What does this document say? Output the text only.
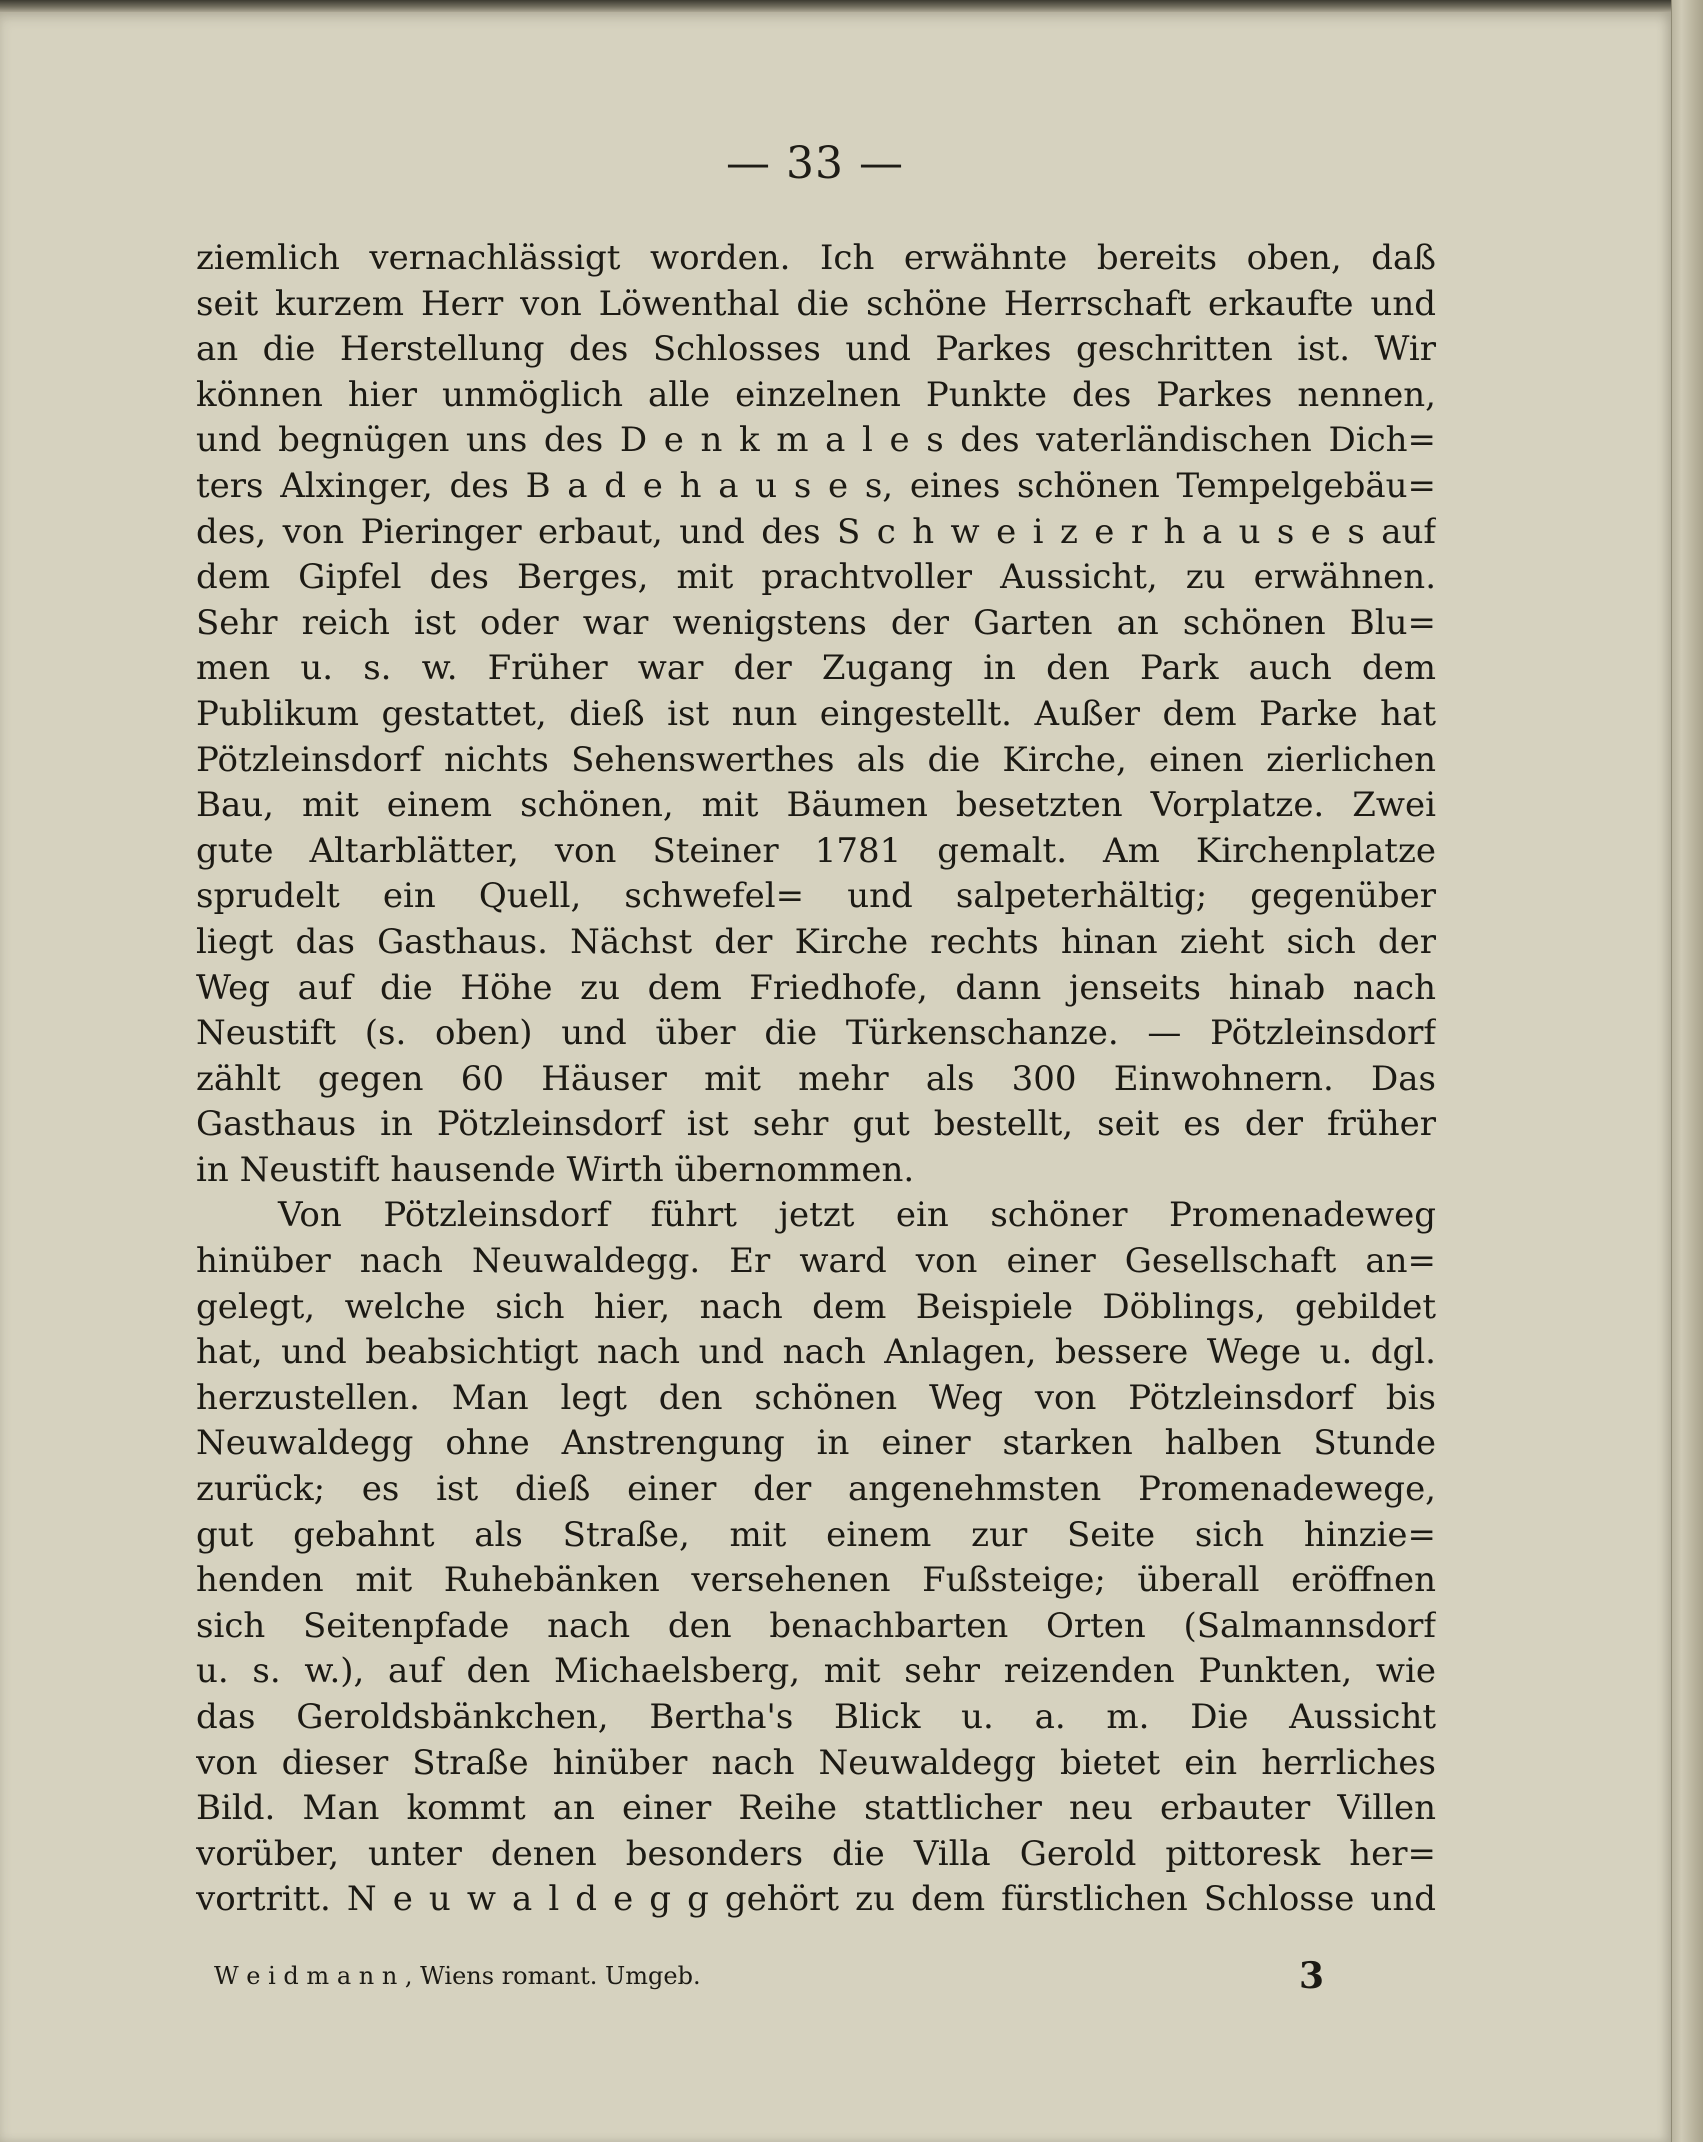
— 33 —
ziemlich vernachlässigt worden. Ich erwähnte bereits oben, daß
seit kurzem Herr von Löwenthal die schöne Herrschaft erkaufte und
an die Herstellung des Schlosses und Parkes geschritten ist. Wir
können hier unmöglich alle einzelnen Punkte des Parkes nennen,
und begnügen uns des D e n k m a l e s des vaterländischen Dich=
ters Alxinger, des B a d e h a u s e s, eines schönen Tempelgebäu=
des, von Pieringer erbaut, und des S c h w e i z e r h a u s e s auf
dem Gipfel des Berges, mit prachtvoller Aussicht, zu erwähnen.
Sehr reich ist oder war wenigstens der Garten an schönen Blu=
men u. s. w. Früher war der Zugang in den Park auch dem
Publikum gestattet, dieß ist nun eingestellt. Außer dem Parke hat
Pötzleinsdorf nichts Sehenswerthes als die Kirche, einen zierlichen
Bau, mit einem schönen, mit Bäumen besetzten Vorplatze. Zwei
gute Altarblätter, von Steiner 1781 gemalt. Am Kirchenplatze
sprudelt ein Quell, schwefel= und salpeterhältig; gegenüber
liegt das Gasthaus. Nächst der Kirche rechts hinan zieht sich der
Weg auf die Höhe zu dem Friedhofe, dann jenseits hinab nach
Neustift (s. oben) und über die Türkenschanze. — Pötzleinsdorf
zählt gegen 60 Häuser mit mehr als 300 Einwohnern. Das
Gasthaus in Pötzleinsdorf ist sehr gut bestellt, seit es der früher
in Neustift hausende Wirth übernommen.
Von Pötzleinsdorf führt jetzt ein schöner Promenadeweg
hinüber nach Neuwaldegg. Er ward von einer Gesellschaft an=
gelegt, welche sich hier, nach dem Beispiele Döblings, gebildet
hat, und beabsichtigt nach und nach Anlagen, bessere Wege u. dgl.
herzustellen. Man legt den schönen Weg von Pötzleinsdorf bis
Neuwaldegg ohne Anstrengung in einer starken halben Stunde
zurück; es ist dieß einer der angenehmsten Promenadewege,
gut gebahnt als Straße, mit einem zur Seite sich hinzie=
henden mit Ruhebänken versehenen Fußsteige; überall eröffnen
sich Seitenpfade nach den benachbarten Orten (Salmannsdorf
u. s. w.), auf den Michaelsberg, mit sehr reizenden Punkten, wie
das Geroldsbänkchen, Bertha's Blick u. a. m. Die Aussicht
von dieser Straße hinüber nach Neuwaldegg bietet ein herrliches
Bild. Man kommt an einer Reihe stattlicher neu erbauter Villen
vorüber, unter denen besonders die Villa Gerold pittoresk her=
vortritt. N e u w a l d e g g gehört zu dem fürstlichen Schlosse und
W e i d m a n n , Wiens romant. Umgeb.	3
